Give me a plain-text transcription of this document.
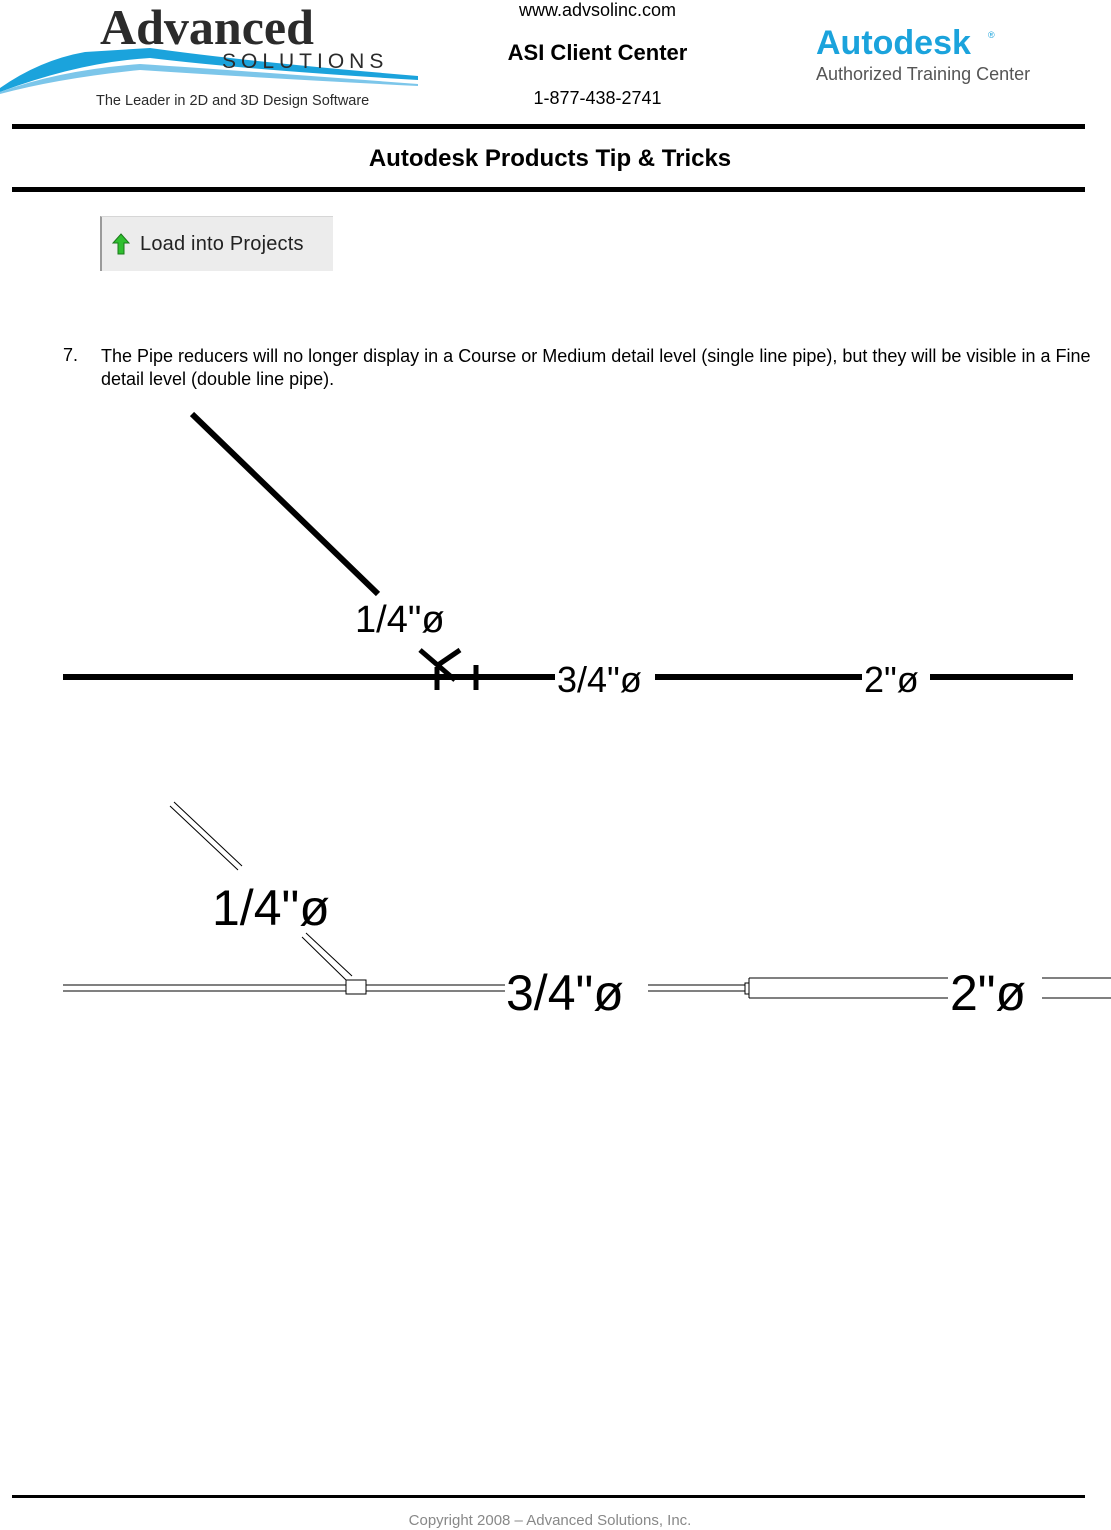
Advanced
SOLUTIONS
The Leader in 2D and 3D Design Software
www.advsolinc.com
ASI Client Center
1-877-438-2741
Autodesk ®
Authorized Training Center
Autodesk Products Tip & Tricks
Load into Projects
7. The Pipe reducers will no longer display in a Course or Medium detail level (single line pipe), but they will be visible in a Fine detail level (double line pipe).
1/4"ø
3/4"ø	2"ø
1/4"ø
3/4"ø	2"ø
Copyright 2008 – Advanced Solutions, Inc.
